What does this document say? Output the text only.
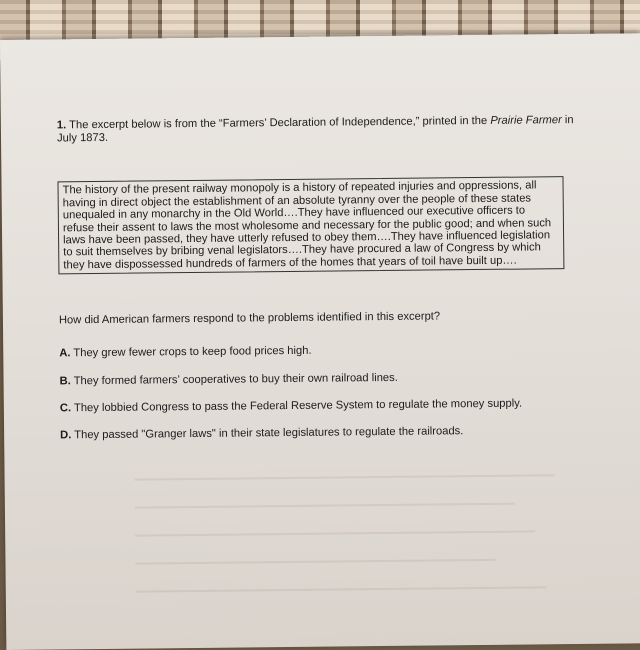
1. The excerpt below is from the “Farmers’ Declaration of Independence,” printed in the Prairie Farmer in July 1873.

The history of the present railway monopoly is a history of repeated injuries and oppressions, all having in direct object the establishment of an absolute tyranny over the people of these states unequaled in any monarchy in the Old World….They have influenced our executive officers to refuse their assent to laws the most wholesome and necessary for the public good; and when such laws have been passed, they have utterly refused to obey them….They have influenced legislation to suit themselves by bribing venal legislators….They have procured a law of Congress by which they have dispossessed hundreds of farmers of the homes that years of toil have built up….

How did American farmers respond to the problems identified in this excerpt?

A. They grew fewer crops to keep food prices high.

B. They formed farmers’ cooperatives to buy their own railroad lines.

C. They lobbied Congress to pass the Federal Reserve System to regulate the money supply.

D. They passed "Granger laws" in their state legislatures to regulate the railroads.
